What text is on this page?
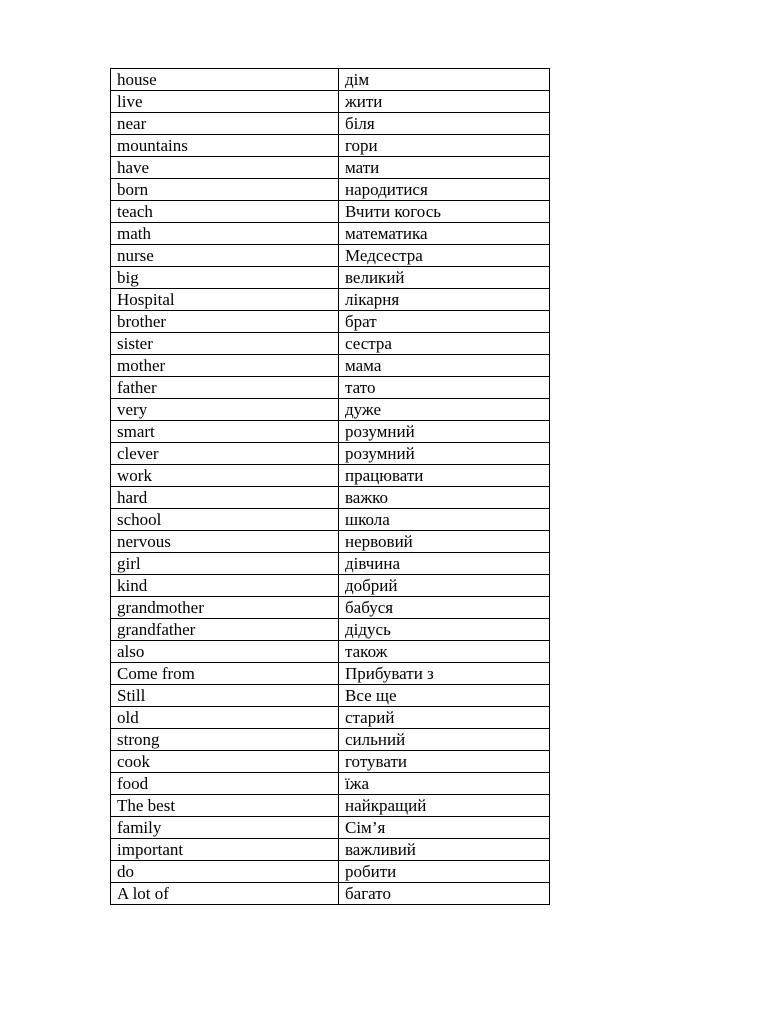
house	дім
live	жити
near	біля
mountains	гори
have	мати
born	народитися
teach	Вчити когось
math	математика
nurse	Медсестра
big	великий
Hospital	лікарня
brother	брат
sister	сестра
mother	мама
father	тато
very	дуже
smart	розумний
clever	розумний
work	працювати
hard	важко
school	школа
nervous	нервовий
girl	дівчина
kind	добрий
grandmother	бабуся
grandfather	дідусь
also	також
Come from	Прибувати з
Still	Все ще
old	старий
strong	сильний
cook	готувати
food	їжа
The best	найкращий
family	Сім’я
important	важливий
do	робити
A lot of	багато
